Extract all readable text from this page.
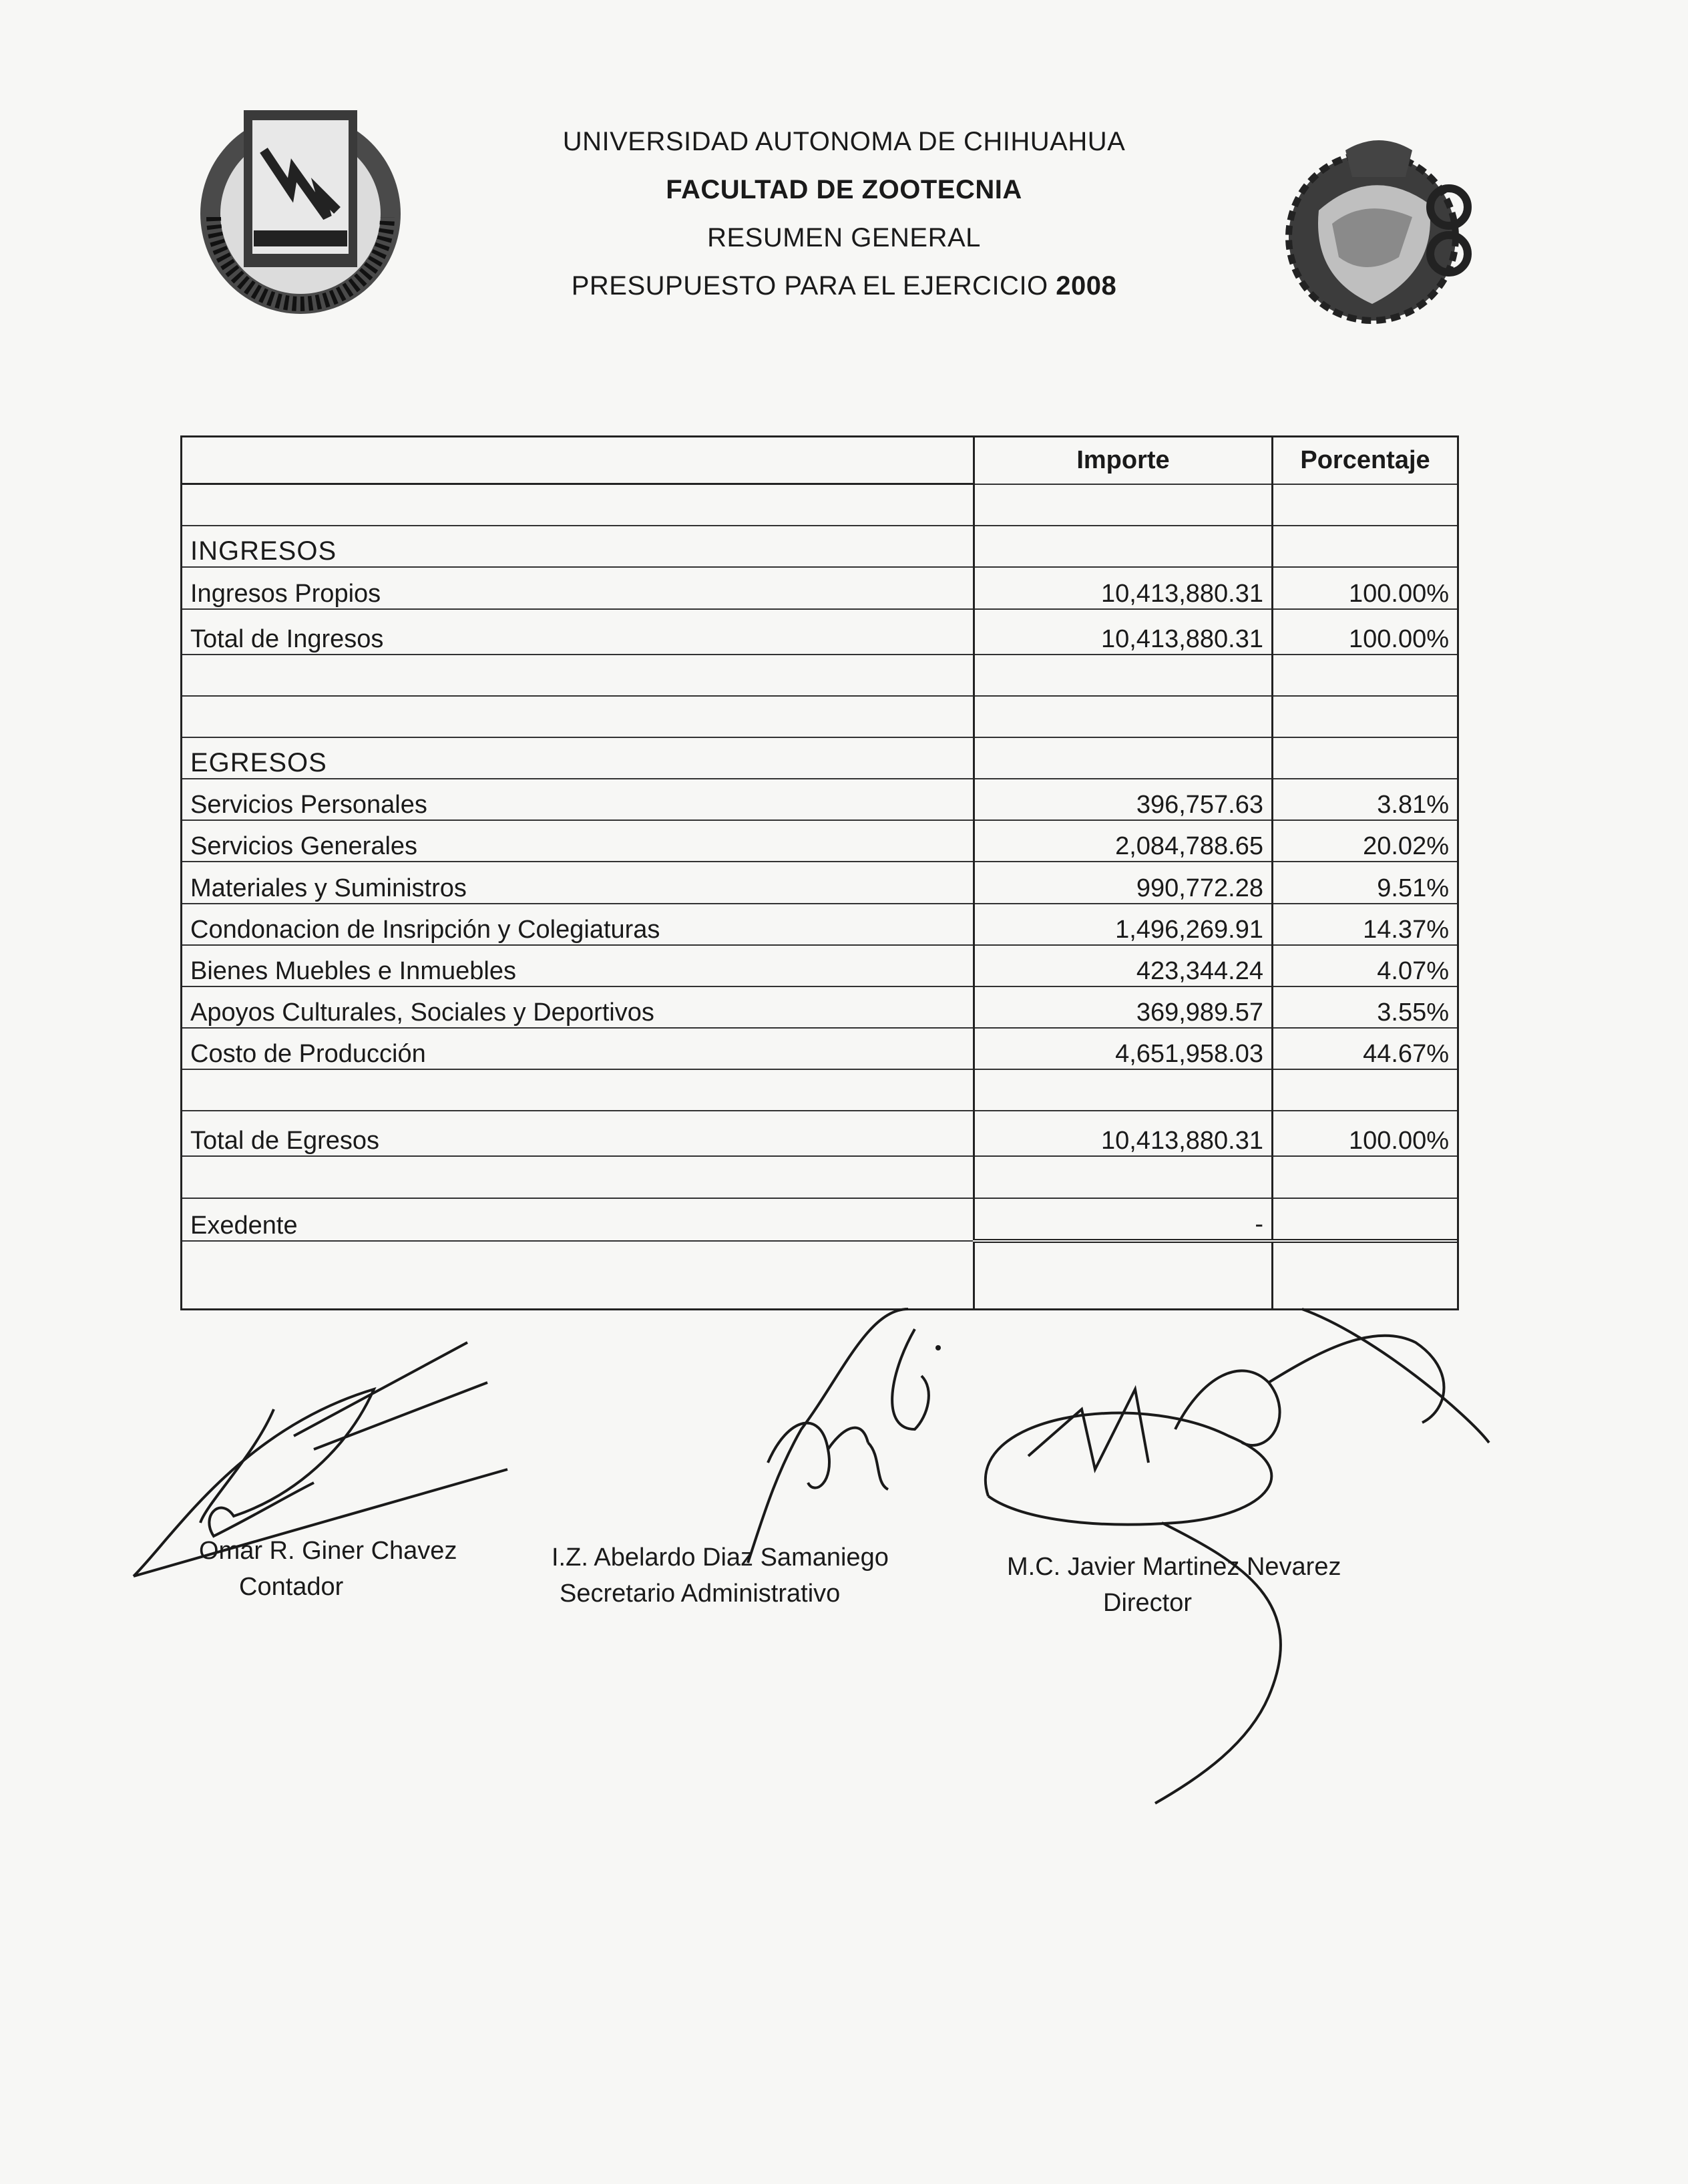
UNIVERSIDAD AUTONOMA DE CHIHUAHUA
FACULTAD DE ZOOTECNIA
RESUMEN GENERAL
PRESUPUESTO PARA EL EJERCICIO 2008
	Importe	Porcentaje

INGRESOS		
Ingresos Propios	10,413,880.31	100.00%
Total de Ingresos	10,413,880.31	100.00%

EGRESOS		
Servicios Personales	396,757.63	3.81%
Servicios Generales	2,084,788.65	20.02%
Materiales y Suministros	990,772.28	9.51%
Condonacion de Insripción y Colegiaturas	1,496,269.91	14.37%
Bienes Muebles e Inmuebles	423,344.24	4.07%
Apoyos Culturales, Sociales y Deportivos	369,989.57	3.55%
Costo de Producción	4,651,958.03	44.67%

Total de Egresos	10,413,880.31	100.00%

Exedente	-	

Omar R. Giner Chavez
Contador
I.Z. Abelardo Diaz Samaniego
Secretario Administrativo
M.C. Javier Martinez Nevarez
Director
